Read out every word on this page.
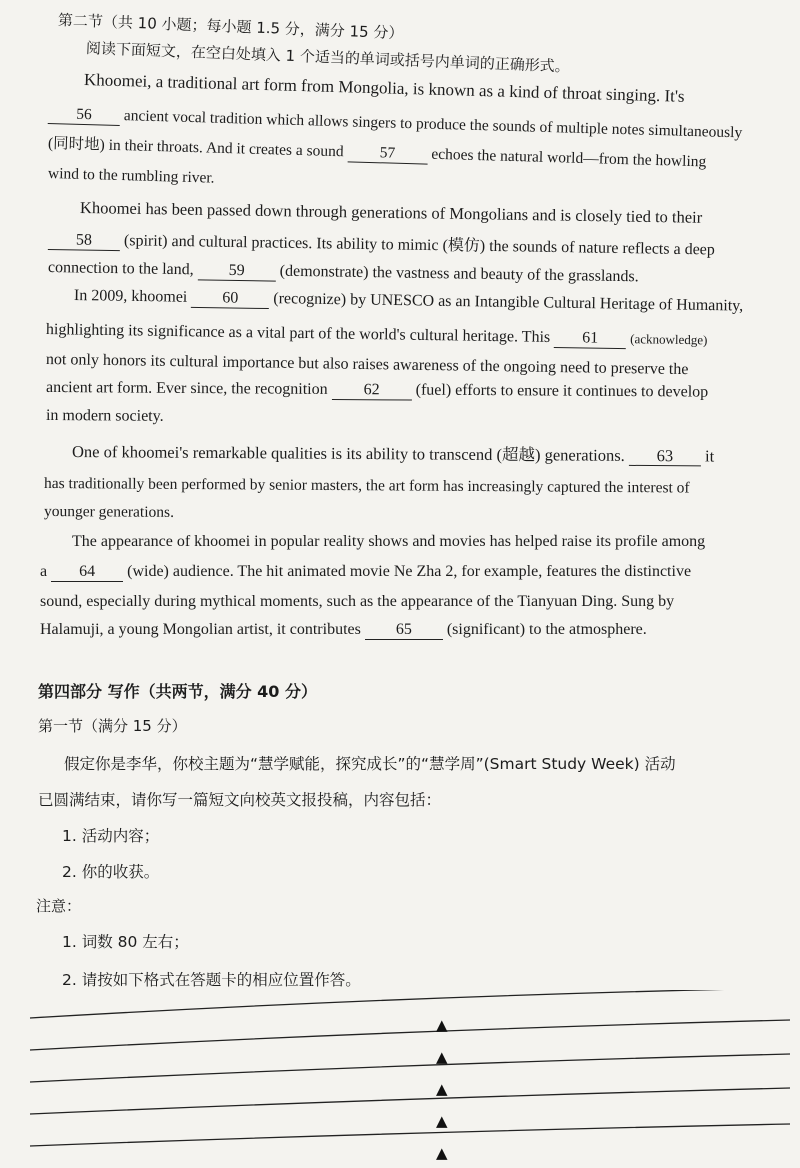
第二节（共 10 小题；每小题 1.5 分，满分 15 分）
阅读下面短文，在空白处填入 1 个适当的单词或括号内单词的正确形式。
Khoomei, a traditional art form from Mongolia, is known as a kind of throat singing. It's
56 ancient vocal tradition which allows singers to produce the sounds of multiple notes simultaneously
(同时地) in their throats. And it creates a sound 57 echoes the natural world—from the howling
wind to the rumbling river.
Khoomei has been passed down through generations of Mongolians and is closely tied to their
58 (spirit) and cultural practices. Its ability to mimic (模仿) the sounds of nature reflects a deep
connection to the land, 59 (demonstrate) the vastness and beauty of the grasslands.
In 2009, khoomei 60 (recognize) by UNESCO as an Intangible Cultural Heritage of Humanity,
highlighting its significance as a vital part of the world's cultural heritage. This 61 (acknowledge)
not only honors its cultural importance but also raises awareness of the ongoing need to preserve the
ancient art form. Ever since, the recognition 62 (fuel) efforts to ensure it continues to develop
in modern society.
One of khoomei's remarkable qualities is its ability to transcend (超越) generations. 63 it
has traditionally been performed by senior masters, the art form has increasingly captured the interest of
younger generations.
The appearance of khoomei in popular reality shows and movies has helped raise its profile among
a 64 (wide) audience. The hit animated movie Ne Zha 2, for example, features the distinctive
sound, especially during mythical moments, such as the appearance of the Tianyuan Ding. Sung by
Halamuji, a young Mongolian artist, it contributes 65 (significant) to the atmosphere.
第四部分 写作（共两节，满分 40 分）
第一节（满分 15 分）
假定你是李华，你校主题为“慧学赋能，探究成长”的“慧学周”(Smart Study Week) 活动
已圆满结束，请你写一篇短文向校英文报投稿，内容包括：
1. 活动内容；
2. 你的收获。
注意：
1. 词数 80 左右；
2. 请按如下格式在答题卡的相应位置作答。
▲
▲
▲
▲
▲
